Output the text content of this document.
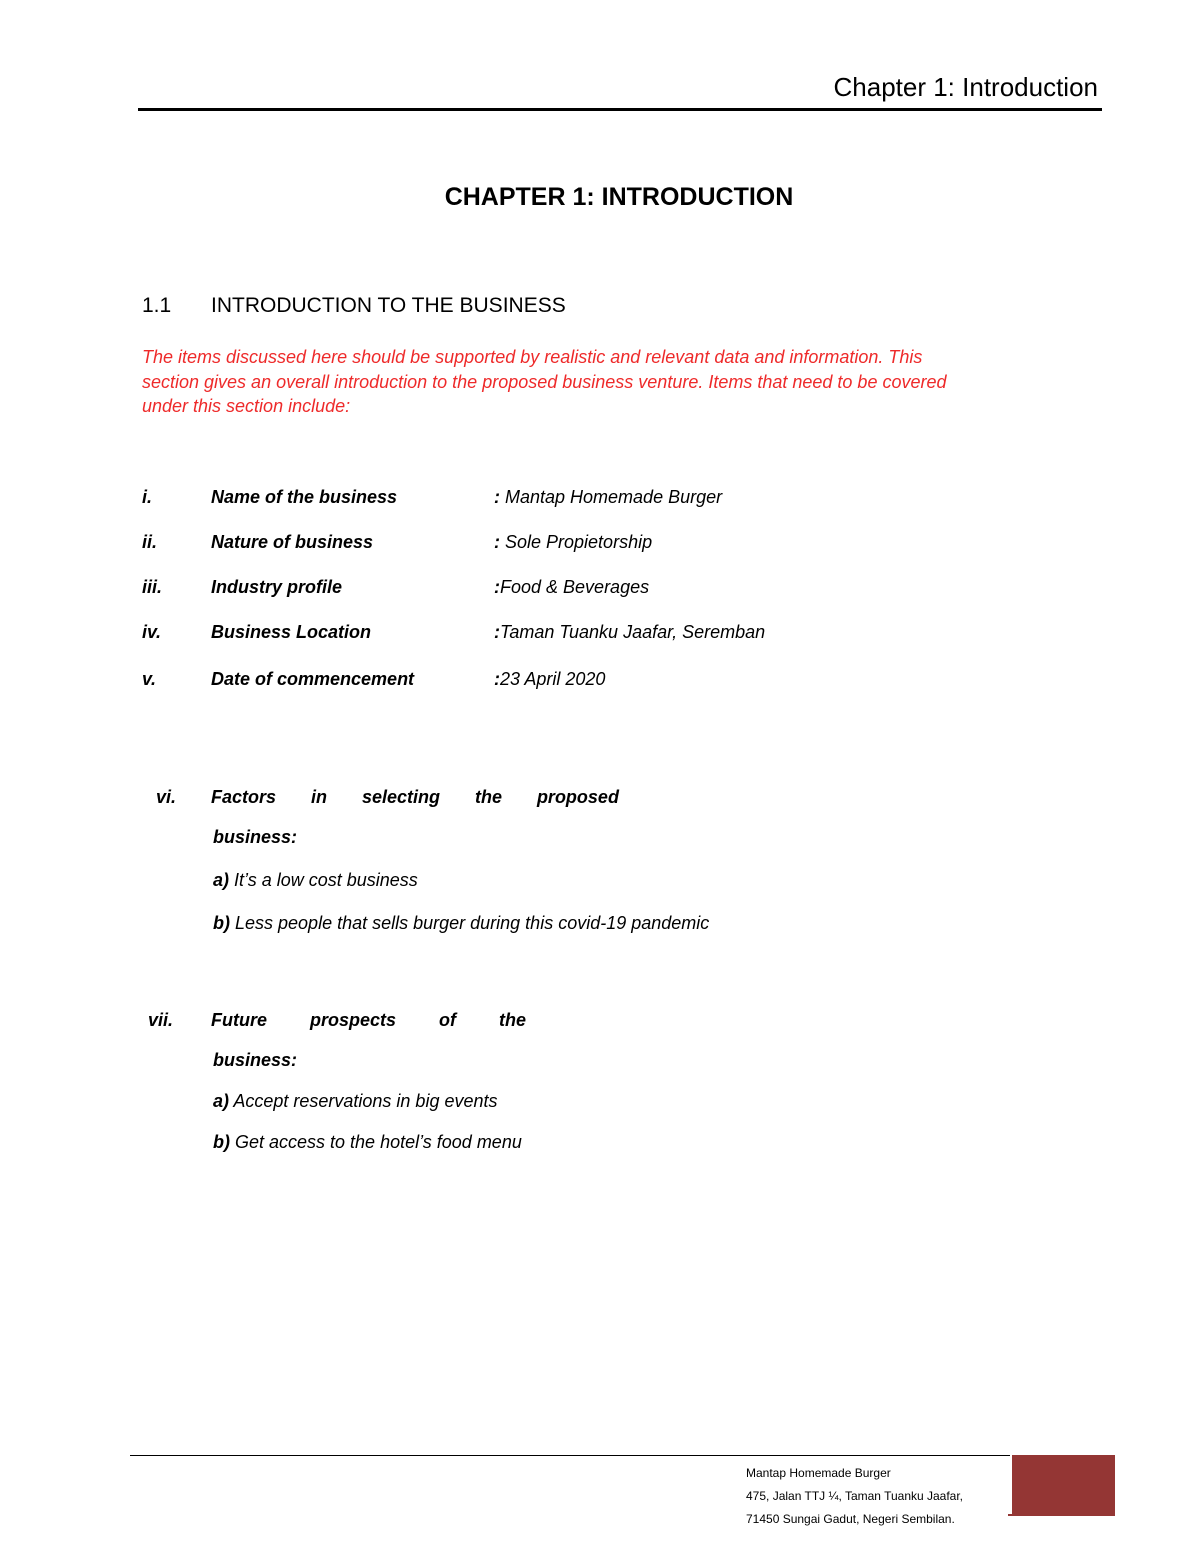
Chapter 1: Introduction
CHAPTER 1: INTRODUCTION
1.1	INTRODUCTION TO THE BUSINESS
The items discussed here should be supported by realistic and relevant data and information. This
section gives an overall introduction to the proposed business venture. Items that need to be covered
under this section include:
i.	Name of the business	: Mantap Homemade Burger
ii.	Nature of business	: Sole Propietorship
iii.	Industry profile	:Food & Beverages
iv.	Business Location	:Taman Tuanku Jaafar, Seremban
v.	Date of commencement	:23 April 2020
vi. Factors in selecting the proposed
business:
a) It’s a low cost business
b) Less people that sells burger during this covid-19 pandemic
vii. Future prospects of the
business:
a) Accept reservations in big events
b) Get access to the hotel’s food menu
Mantap Homemade Burger
475, Jalan TTJ ¼, Taman Tuanku Jaafar,
71450 Sungai Gadut, Negeri Sembilan.
